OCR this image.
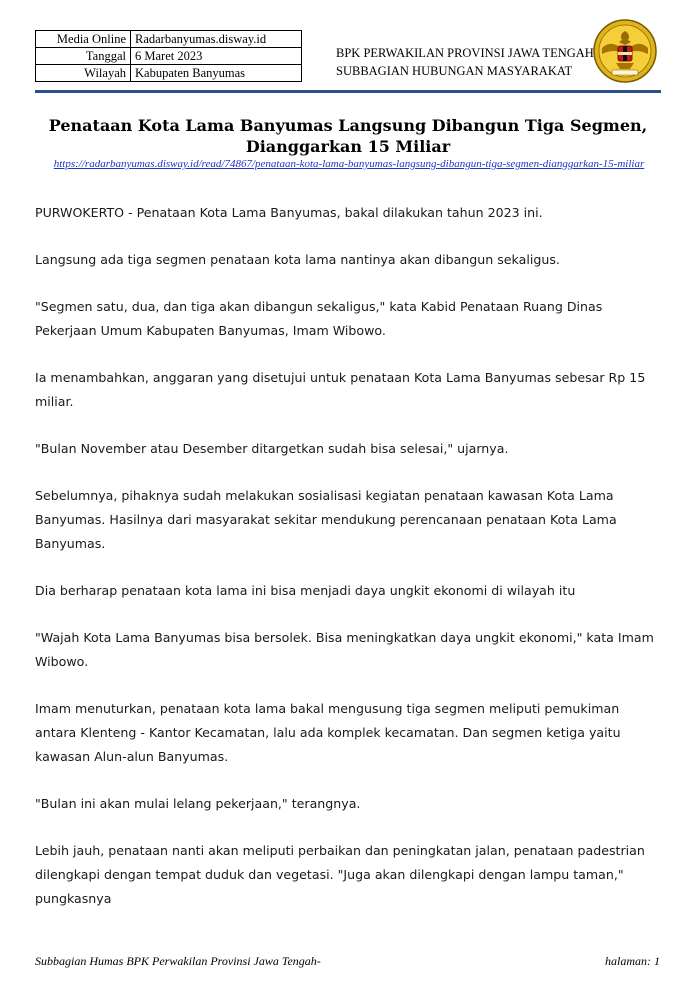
Media Online	Radarbanyumas.disway.id
Tanggal	6 Maret 2023
Wilayah	Kabupaten Banyumas
BPK PERWAKILAN PROVINSI JAWA TENGAH
SUBBAGIAN HUBUNGAN MASYARAKAT
Penataan Kota Lama Banyumas Langsung Dibangun Tiga Segmen,
Dianggarkan 15 Miliar
https://radarbanyumas.disway.id/read/74867/penataan-kota-lama-banyumas-langsung-dibangun-tiga-segmen-dianggarkan-15-miliar

PURWOKERTO - Penataan Kota Lama Banyumas, bakal dilakukan tahun 2023 ini.

Langsung ada tiga segmen penataan kota lama nantinya akan dibangun sekaligus.

"Segmen satu, dua, dan tiga akan dibangun sekaligus," kata Kabid Penataan Ruang Dinas Pekerjaan Umum Kabupaten Banyumas, Imam Wibowo.

Ia menambahkan, anggaran yang disetujui untuk penataan Kota Lama Banyumas sebesar Rp 15 miliar.

"Bulan November atau Desember ditargetkan sudah bisa selesai," ujarnya.

Sebelumnya, pihaknya sudah melakukan sosialisasi kegiatan penataan kawasan Kota Lama Banyumas. Hasilnya dari masyarakat sekitar mendukung perencanaan penataan Kota Lama Banyumas.

Dia berharap penataan kota lama ini bisa menjadi daya ungkit ekonomi di wilayah itu

"Wajah Kota Lama Banyumas bisa bersolek. Bisa meningkatkan daya ungkit ekonomi," kata Imam Wibowo.

Imam menuturkan, penataan kota lama bakal mengusung tiga segmen meliputi pemukiman antara Klenteng - Kantor Kecamatan, lalu ada komplek kecamatan. Dan segmen ketiga yaitu kawasan Alun-alun Banyumas.

"Bulan ini akan mulai lelang pekerjaan," terangnya.

Lebih jauh, penataan nanti akan meliputi perbaikan dan peningkatan jalan, penataan padestrian dilengkapi dengan tempat duduk dan vegetasi. "Juga akan dilengkapi dengan lampu taman," pungkasnya

Subbagian Humas BPK Perwakilan Provinsi Jawa Tengah-	halaman: 1
